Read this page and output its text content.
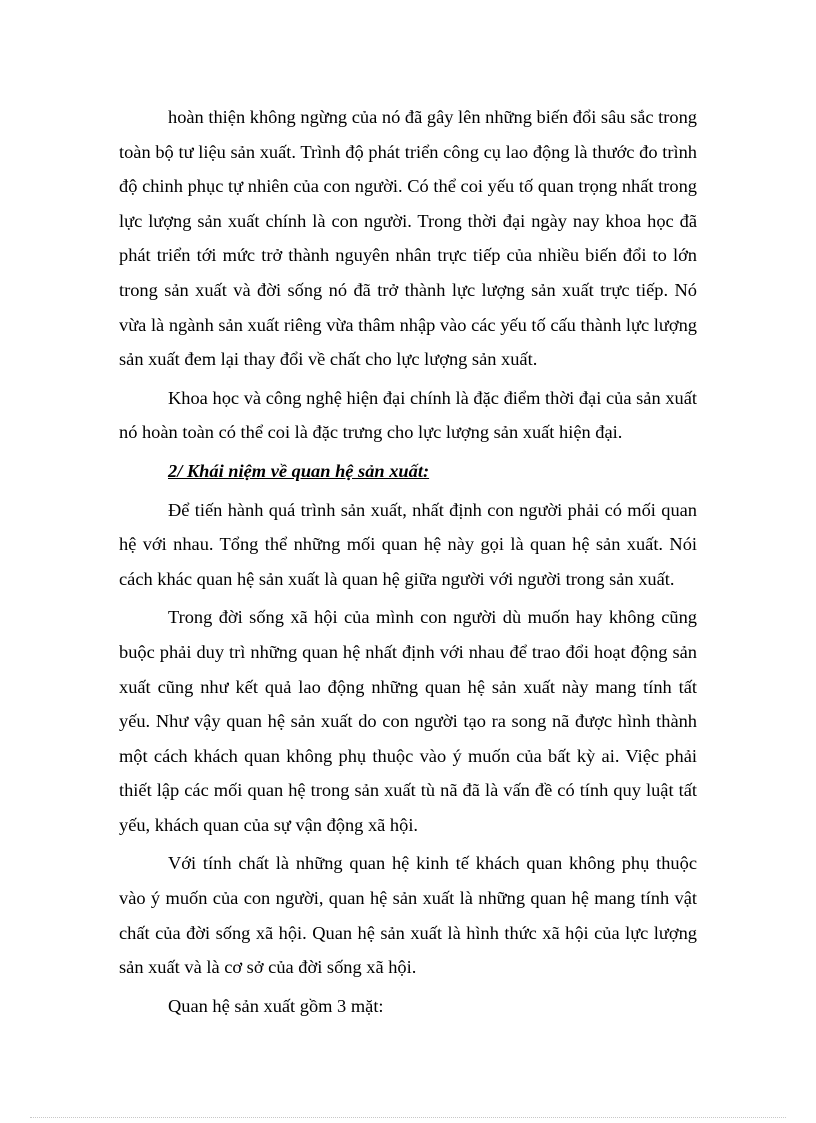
hoàn thiện không ngừng của nó đã gây lên những biến đổi sâu sắc trong toàn bộ tư liệu sản xuất. Trình độ phát triển công cụ lao động là thước đo trình độ chinh phục tự nhiên của con người. Có thể coi yếu tố quan trọng nhất trong lực lượng sản xuất chính là con người. Trong thời đại ngày nay khoa học đã phát triển tới mức trở thành nguyên nhân trực tiếp của nhiều biến đổi to lớn trong sản xuất và đời sống nó đã trở thành lực lượng sản xuất trực tiếp. Nó vừa là ngành sản xuất riêng vừa thâm nhập vào các yếu tố cấu thành lực lượng sản xuất đem lại thay đổi về chất cho lực lượng sản xuất.

Khoa học và công nghệ hiện đại chính là đặc điểm thời đại của sản xuất nó hoàn toàn có thể coi là đặc trưng cho lực lượng sản xuất hiện đại.

2/ Khái niệm về quan hệ sản xuất:

Để tiến hành quá trình sản xuất, nhất định con người phải có mối quan hệ với nhau. Tổng thể những mối quan hệ này gọi là quan hệ sản xuất. Nói cách khác quan hệ sản xuất là quan hệ giữa người với người trong sản xuất.

Trong đời sống xã hội của mình con người dù muốn hay không cũng buộc phải duy trì những quan hệ nhất định với nhau để trao đổi hoạt động sản xuất cũng như kết quả lao động những quan hệ sản xuất này mang tính tất yếu. Như vậy quan hệ sản xuất do con người tạo ra song nã được hình thành một cách khách quan không phụ thuộc vào ý muốn của bất kỳ ai. Việc phải thiết lập các mối quan hệ trong sản xuất tù nã đã là vấn đề có tính quy luật tất yếu, khách quan của sự vận động xã hội.

Với tính chất là những quan hệ kinh tế khách quan không phụ thuộc vào ý muốn của con người, quan hệ sản xuất là những quan hệ mang tính vật chất của đời sống xã hội. Quan hệ sản xuất là hình thức xã hội của lực lượng sản xuất và là cơ sở của đời sống xã hội.

Quan hệ sản xuất gồm 3 mặt:
